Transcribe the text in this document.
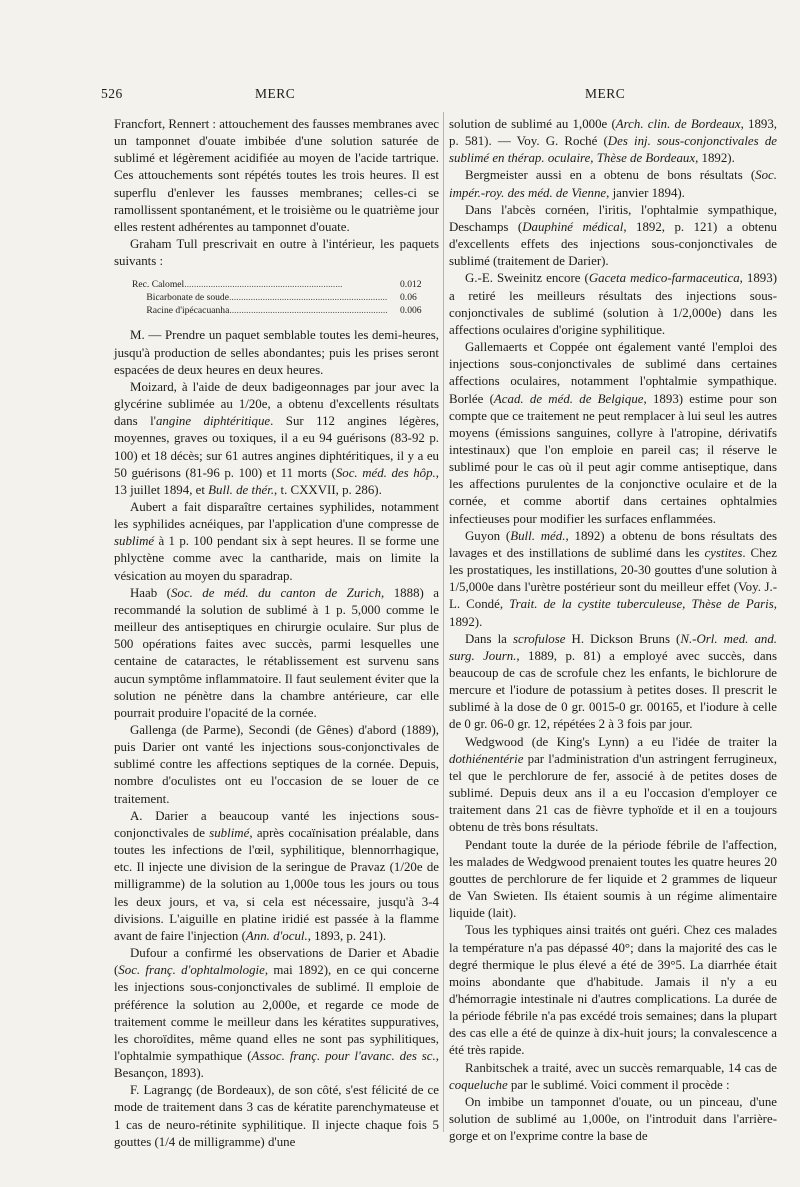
526	MERC	MERC

Francfort, Rennert : attouchement des fausses membranes avec un tamponnet d'ouate imbibée d'une solution saturée de sublimé et légèrement acidifiée au moyen de l'acide tartrique. Ces attouchements sont répétés toutes les trois heures. Il est superflu d'enlever les fausses membranes; celles-ci se ramollissent spontanément, et le troisième ou le quatrième jour elles restent adhérentes au tamponnet d'ouate.

Graham Tull prescrivait en outre à l'intérieur, les paquets suivants :

Rec. Calomel..................................................................	0.012
Bicarbonate de soude..................................................................	0.06
Racine d'ipécacuanha..................................................................	0.006

M. — Prendre un paquet semblable toutes les demi-heures, jusqu'à production de selles abondantes; puis les prises seront espacées de deux heures en deux heures.

Moizard, à l'aide de deux badigeonnages par jour avec la glycérine sublimée au 1/20e, a obtenu d'excellents résultats dans l'angine diphtéritique. Sur 112 angines légères, moyennes, graves ou toxiques, il a eu 94 guérisons (83-92 p. 100) et 18 décès; sur 61 autres angines diphtéritiques, il y a eu 50 guérisons (81-96 p. 100) et 11 morts (Soc. méd. des hôp., 13 juillet 1894, et Bull. de thér., t. CXXVII, p. 286).

Aubert a fait disparaître certaines syphilides, notamment les syphilides acnéiques, par l'application d'une compresse de sublimé à 1 p. 100 pendant six à sept heures. Il se forme une phlyctène comme avec la cantharide, mais on limite la vésication au moyen du sparadrap.

Haab (Soc. de méd. du canton de Zurich, 1888) a recommandé la solution de sublimé à 1 p. 5,000 comme le meilleur des antiseptiques en chirurgie oculaire. Sur plus de 500 opérations faites avec succès, parmi lesquelles une centaine de cataractes, le rétablissement est survenu sans aucun symptôme inflammatoire. Il faut seulement éviter que la solution ne pénètre dans la chambre antérieure, car elle pourrait produire l'opacité de la cornée.

Gallenga (de Parme), Secondi (de Gênes) d'abord (1889), puis Darier ont vanté les injections sous-conjonctivales de sublimé contre les affections septiques de la cornée. Depuis, nombre d'oculistes ont eu l'occasion de se louer de ce traitement.

A. Darier a beaucoup vanté les injections sous-conjonctivales de sublimé, après cocaïnisation préalable, dans toutes les infections de l'œil, syphilitique, blennorrhagique, etc. Il injecte une division de la seringue de Pravaz (1/20e de milligramme) de la solution au 1,000e tous les jours ou tous les deux jours, et va, si cela est nécessaire, jusqu'à 3-4 divisions. L'aiguille en platine iridié est passée à la flamme avant de faire l'injection (Ann. d'ocul., 1893, p. 241).

Dufour a confirmé les observations de Darier et Abadie (Soc. franç. d'ophtalmologie, mai 1892), en ce qui concerne les injections sous-conjonctivales de sublimé. Il emploie de préférence la solution au 2,000e, et regarde ce mode de traitement comme le meilleur dans les kératites suppuratives, les choroïdites, même quand elles ne sont pas syphilitiques, l'ophtalmie sympathique (Assoc. franç. pour l'avanc. des sc., Besançon, 1893).

F. Lagrangç (de Bordeaux), de son côté, s'est félicité de ce mode de traitement dans 3 cas de kératite parenchymateuse et 1 cas de neuro-rétinite syphilitique. Il injecte chaque fois 5 gouttes (1/4 de milligramme) d'une

solution de sublimé au 1,000e (Arch. clin. de Bordeaux, 1893, p. 581). — Voy. G. Roché (Des inj. sous-conjonctivales de sublimé en thérap. oculaire, Thèse de Bordeaux, 1892).

Bergmeister aussi en a obtenu de bons résultats (Soc. impér.-roy. des méd. de Vienne, janvier 1894).

Dans l'abcès cornéen, l'iritis, l'ophtalmie sympathique, Deschamps (Dauphiné médical, 1892, p. 121) a obtenu d'excellents effets des injections sous-conjonctivales de sublimé (traitement de Darier).

G.-E. Sweinitz encore (Gaceta medico-farmaceutica, 1893) a retiré les meilleurs résultats des injections sous-conjonctivales de sublimé (solution à 1/2,000e) dans les affections oculaires d'origine syphilitique.

Gallemaerts et Coppée ont également vanté l'emploi des injections sous-conjonctivales de sublimé dans certaines affections oculaires, notamment l'ophtalmie sympathique. Borlée (Acad. de méd. de Belgique, 1893) estime pour son compte que ce traitement ne peut remplacer à lui seul les autres moyens (émissions sanguines, collyre à l'atropine, dérivatifs intestinaux) que l'on emploie en pareil cas; il réserve le sublimé pour le cas où il peut agir comme antiseptique, dans les affections purulentes de la conjonctive oculaire et de la cornée, et comme abortif dans certaines ophtalmies infectieuses pour modifier les surfaces enflammées.

Guyon (Bull. méd., 1892) a obtenu de bons résultats des lavages et des instillations de sublimé dans les cystites. Chez les prostatiques, les instillations, 20-30 gouttes d'une solution à 1/5,000e dans l'urètre postérieur sont du meilleur effet (Voy. J.-L. Condé, Trait. de la cystite tuberculeuse, Thèse de Paris, 1892).

Dans la scrofulose H. Dickson Bruns (N.-Orl. med. and. surg. Journ., 1889, p. 81) a employé avec succès, dans beaucoup de cas de scrofule chez les enfants, le bichlorure de mercure et l'iodure de potassium à petites doses. Il prescrit le sublimé à la dose de 0 gr. 0015-0 gr. 00165, et l'iodure à celle de 0 gr. 06-0 gr. 12, répétées 2 à 3 fois par jour.

Wedgwood (de King's Lynn) a eu l'idée de traiter la dothiénentérie par l'administration d'un astringent ferrugineux, tel que le perchlorure de fer, associé à de petites doses de sublimé. Depuis deux ans il a eu l'occasion d'employer ce traitement dans 21 cas de fièvre typhoïde et il en a toujours obtenu de très bons résultats.

Pendant toute la durée de la période fébrile de l'affection, les malades de Wedgwood prenaient toutes les quatre heures 20 gouttes de perchlorure de fer liquide et 2 grammes de liqueur de Van Swieten. Ils étaient soumis à un régime alimentaire liquide (lait).

Tous les typhiques ainsi traités ont guéri. Chez ces malades la température n'a pas dépassé 40°; dans la majorité des cas le degré thermique le plus élevé a été de 39°5. La diarrhée était moins abondante que d'habitude. Jamais il n'y a eu d'hémorragie intestinale ni d'autres complications. La durée de la période fébrile n'a pas excédé trois semaines; dans la plupart des cas elle a été de quinze à dix-huit jours; la convalescence a été très rapide.

Ranbitschek a traité, avec un succès remarquable, 14 cas de coqueluche par le sublimé. Voici comment il procède :

On imbibe un tamponnet d'ouate, ou un pinceau, d'une solution de sublimé au 1,000e, on l'introduit dans l'arrière-gorge et on l'exprime contre la base de
